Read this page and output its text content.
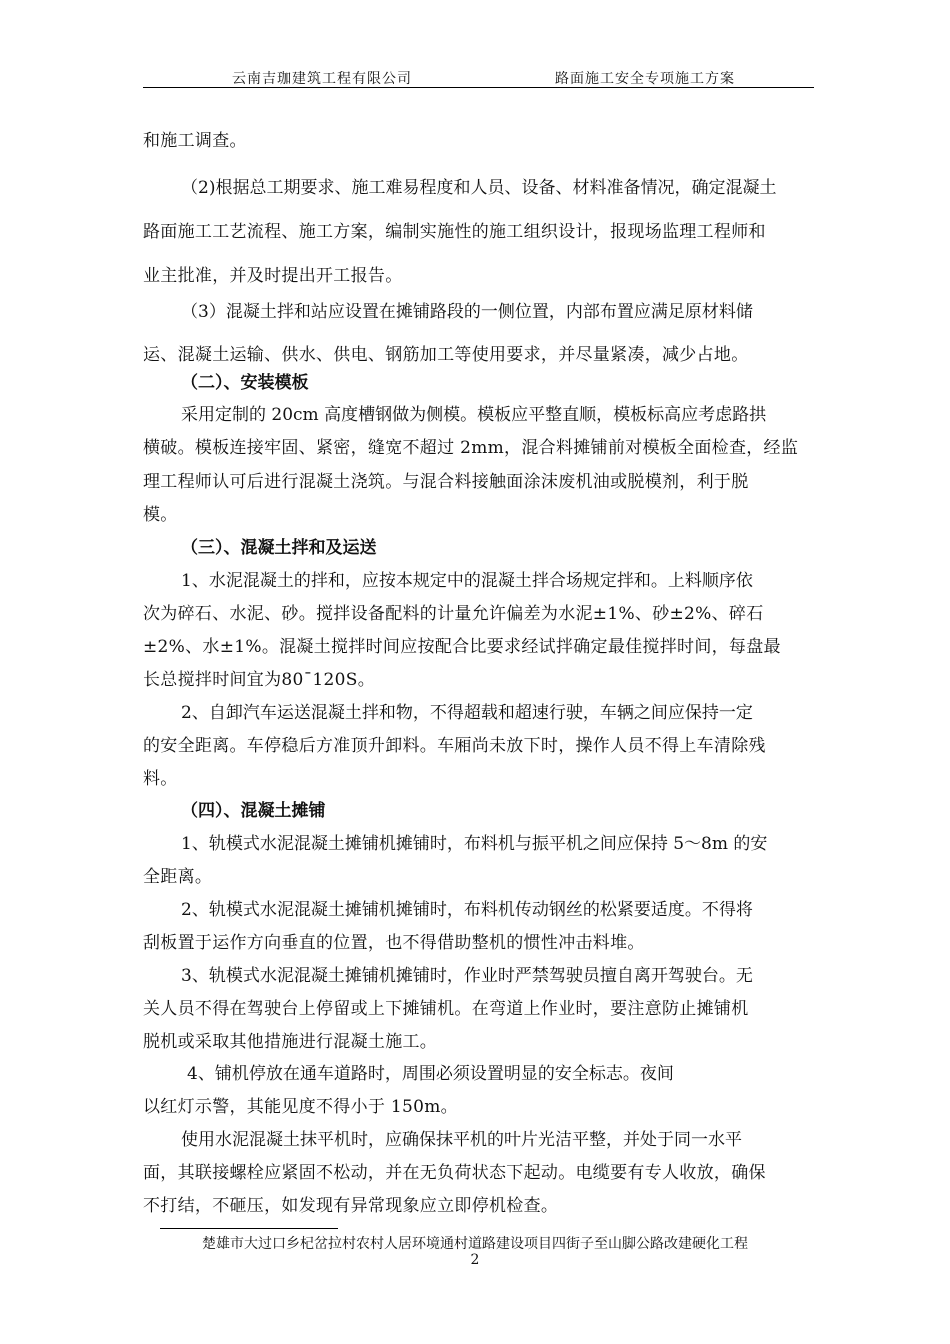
云南吉珈建筑工程有限公司	路面施工安全专项施工方案
和施工调查。
（2)根据总工期要求、施工难易程度和人员、设备、材料准备情况，确定混凝土
路面施工工艺流程、施工方案，编制实施性的施工组织设计，报现场监理工程师和
业主批准，并及时提出开工报告。
（3）混凝土拌和站应设置在摊铺路段的一侧位置，内部布置应满足原材料储
运、混凝土运输、供水、供电、钢筋加工等使用要求，并尽量紧凑，减少占地。
（二）、安装模板
采用定制的 20cm 高度槽钢做为侧模。模板应平整直顺，模板标高应考虑路拱
横破。模板连接牢固、紧密，缝宽不超过 2mm，混合料摊铺前对模板全面检查，经监
理工程师认可后进行混凝土浇筑。与混合料接触面涂沫废机油或脱模剂，利于脱
模。
（三）、混凝土拌和及运送
1、水泥混凝土的拌和，应按本规定中的混凝土拌合场规定拌和。上料顺序依
次为碎石、水泥、砂。搅拌设备配料的计量允许偏差为水泥±1%、砂±2%、碎石
±2%、水±1%。混凝土搅拌时间应按配合比要求经试拌确定最佳搅拌时间，每盘最
长总搅拌时间宜为80¯120S。
2、自卸汽车运送混凝土拌和物，不得超载和超速行驶，车辆之间应保持一定
的安全距离。车停稳后方准顶升卸料。车厢尚未放下时，操作人员不得上车清除残
料。
（四）、混凝土摊铺
1、轨模式水泥混凝土摊铺机摊铺时，布料机与振平机之间应保持 5～8m 的安
全距离。
2、轨模式水泥混凝土摊铺机摊铺时，布料机传动钢丝的松紧要适度。不得将
刮板置于运作方向垂直的位置，也不得借助整机的惯性冲击料堆。
3、轨模式水泥混凝土摊铺机摊铺时，作业时严禁驾驶员擅自离开驾驶台。无
关人员不得在驾驶台上停留或上下摊铺机。在弯道上作业时，要注意防止摊铺机
脱机或采取其他措施进行混凝土施工。
4、铺机停放在通车道路时，周围必须设置明显的安全标志。夜间
以红灯示警，其能见度不得小于 150m。
使用水泥混凝土抹平机时，应确保抹平机的叶片光洁平整，并处于同一水平
面，其联接螺栓应紧固不松动，并在无负荷状态下起动。电缆要有专人收放，确保
不打结，不砸压，如发现有异常现象应立即停机检查。
楚雄市大过口乡杞岔拉村农村人居环境通村道路建设项目四街子至山脚公路改建硬化工程
2
